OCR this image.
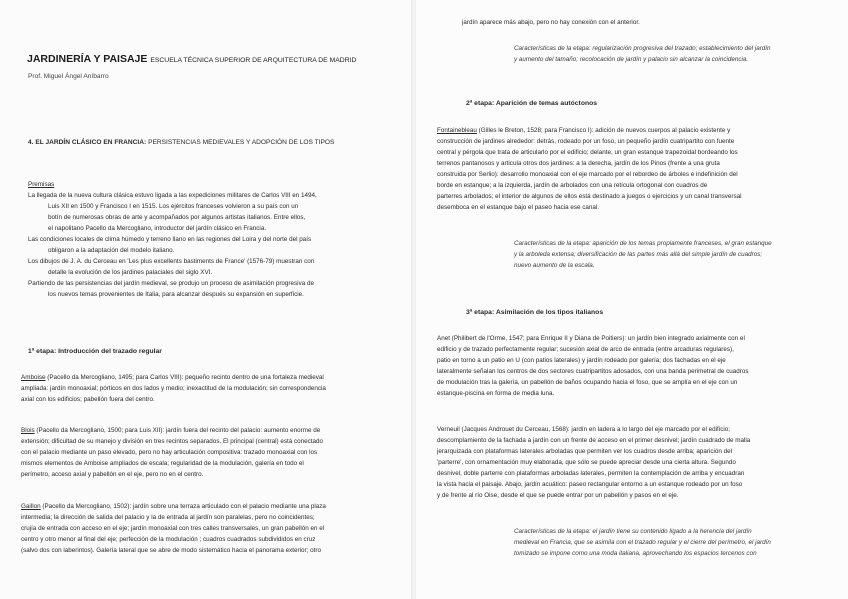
JARDINERÍA Y PAISAJE ESCUELA TÉCNICA SUPERIOR DE ARQUITECTURA DE MADRID
Prof. Miguel Ángel Aníbarro
4. EL JARDÍN CLÁSICO EN FRANCIA: PERSISTENCIAS MEDIEVALES Y ADOPCIÓN DE LOS TIPOS
Premisas
La llegada de la nueva cultura clásica estuvo ligada a las expediciones militares de Carlos VIII en 1494,
Luis XII en 1500 y Francisco I en 1515. Los ejércitos franceses volvieron a su país con un
botín de numerosas obras de arte y acompañados por algunos artistas italianos. Entre ellos,
el napolitano Pacello da Mercogliano, introductor del jardín clásico en Francia.
Las condiciones locales de clima húmedo y terreno llano en las regiones del Loira y del norte del país
obligaron a la adaptación del modelo italiano.
Los dibujos de J. A. du Cerceau en 'Les plus excellents bastiments de France' (1576-79) muestran con
detalle la evolución de los jardines palaciales del siglo XVI.
Partiendo de las persistencias del jardín medieval, se produjo un proceso de asimilación progresiva de
los nuevos temas provenientes de Italia, para alcanzar después su expansión en superficie.
1ª etapa: Introducción del trazado regular
Amboise (Pacello da Mercogliano, 1495; para Carlos VIII): pequeño recinto dentro de una fortaleza medieval
ampliada: jardín monoaxial; pórticos en dos lados y medio; inexactitud de la modulación; sin correspondencia
axial con los edificios; pabellón fuera del centro.
Blois (Pacello da Mercogliano, 1500; para Luis XII): jardín fuera del recinto del palacio: aumento enorme de
extensión; dificultad de su manejo y división en tres recintos separados. El principal (central) está conectado
con el palacio mediante un paso elevado, pero no hay articulación compositiva: trazado monoaxial con los
mismos elementos de Amboise ampliados de escala; regularidad de la modulación, galería en todo el
perímetro, acceso axial y pabellón en el eje, pero no en el centro.
Gaillon (Pacello da Mercogliano, 1502): jardín sobre una terraza articulado con el palacio mediante una plaza
intermedia; la dirección de salida del palacio y la de entrada al jardín son paralelas, pero no coincidentes;
crujía de entrada con acceso en el eje; jardín monoaxial con tres calles transversales, un gran pabellón en el
centro y otro menor al final del eje; perfección de la modulación ; cuadros cuadrados subdivididos en cruz
(salvo dos con laberintos). Galería lateral que se abre de modo sistemático hacia el panorama exterior; otro
jardín aparece más abajo, pero no hay conexión con el anterior.
Características de la etapa: regularización progresiva del trazado; establecimiento del jardín
y aumento del tamaño; recolocación de jardín y palacio sin alcanzar la coincidencia.
2ª etapa: Aparición de temas autóctonos
Fontainebleau (Gilles le Breton, 1528; para Francisco I): adición de nuevos cuerpos al palacio existente y
construcción de jardines alrededor: detrás, rodeado por un foso, un pequeño jardín cuatripartito con fuente
central y pérgola que trata de articularlo por el edificio; delante, un gran estanque trapezoidal bordeando los
terrenos pantanosos y articula otros dos jardines: a la derecha, jardín de los Pinos (frente a una gruta
construida por Serlio): desarrollo monoaxial con el eje marcado por el rebordeo de árboles e indefinición del
borde en estanque; a la izquierda, jardín de arbolados con una retícula ortogonal con cuadros de
parterres arbolados; el interior de algunos de ellos está destinado a juegos o ejercicios y un canal transversal
desemboca en el estanque bajo el paseo hacia ese canal.
Características de la etapa: aparición de los temas propiamente franceses, el gran estanque
y la arboleda extensa; diversificación de las partes más allá del simple jardín de cuadros;
nuevo aumento de la escala.
3ª etapa: Asimilación de los tipos italianos
Anet (Philibert de l'Orme, 1547; para Enrique II y Diana de Poitiers): un jardín bien integrado axialmente con el
edificio y de trazado perfectamente regular; sucesión axial de arco de entrada (entre arcaduras regulares),
patio en torno a un patio en U (con patios laterales) y jardín rodeado por galería; dos fachadas en el eje
lateralmente señalan los centros de dos sectores cuatripartitos adosados, con una banda perimetral de cuadros
de modulación tras la galería, un pabellón de baños ocupando hacia el foso, que se amplía en el eje con un
estanque-piscina en forma de media luna.
Verneuil (Jacques Androuet du Cerceau, 1568): jardín en ladera a lo largo del eje marcado por el edificio;
descomplamiento de la fachada a jardín con un frente de acceso en el primer desnivel; jardín cuadrado de malla
jerarquizada con plataformas laterales arboladas que permiten ver los cuadros desde arriba; aparición del
'parterre', con ornamentación muy elaborada, que sólo se puede apreciar desde una cierta altura. Segundo
desnivel, doble parterre con plataformas arboladas laterales, permiten la contemplación de arriba y encuadran
la vista hacia el paisaje. Abajo, jardín acuático: paseo rectangular entorno a un estanque rodeado por un foso
y de frente al río Oise, desde el que se puede entrar por un pabellón y pasos en el eje.
Características de la etapa: el jardín tiene su contenido ligado a la herencia del jardín
medieval en Francia, que se asimila con el trazado regular y el cierre del perímetro, el jardín
tomizado se impone como una moda italiana, aprovechando los espacios tercenos con
